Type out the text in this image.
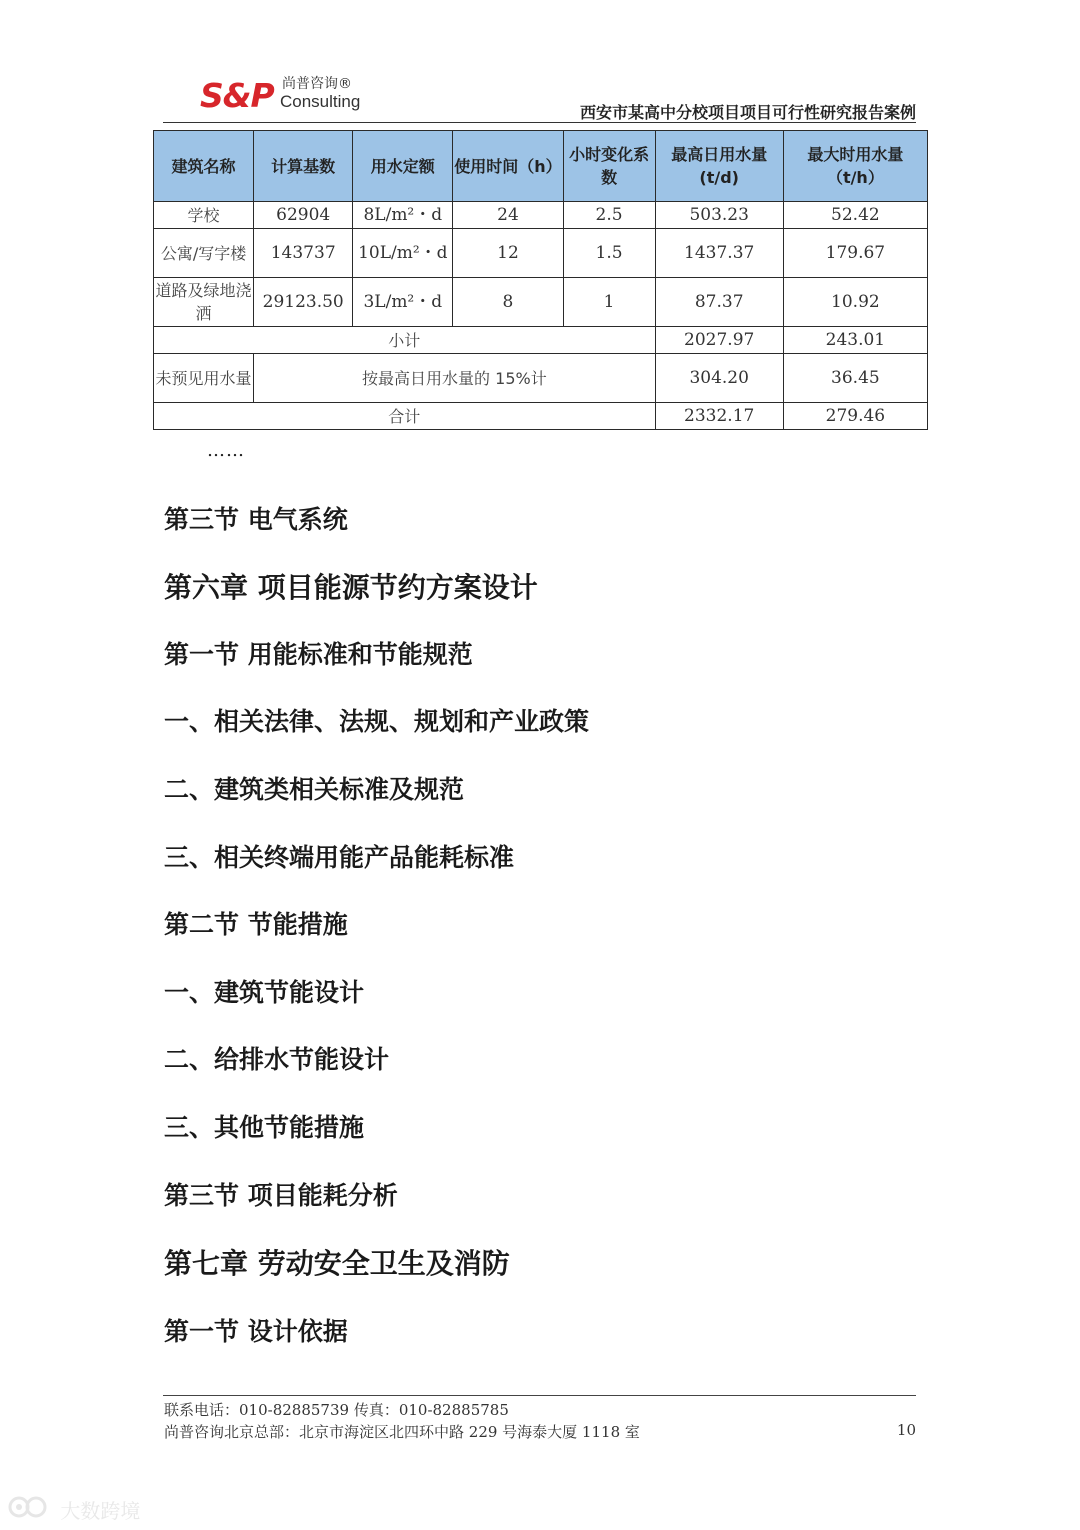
S&P 尚普咨询®
Consulting
西安市某高中分校项目项目可行性研究报告案例
建筑名称	计算基数	用水定额	使用时间（h）	小时变化系数	最高日用水量(t/d)	最大时用水量（t/h）
学校	62904	8L/m²・d	24	2.5	503.23	52.42
公寓/写字楼	143737	10L/m²・d	12	1.5	1437.37	179.67
道路及绿地浇洒	29123.50	3L/m²・d	8	1	87.37	10.92
小计					2027.97	243.01
未预见用水量	按最高日用水量的 15%计				304.20	36.45
合计					2332.17	279.46
……

第三节 电气系统

第六章 项目能源节约方案设计

第一节 用能标准和节能规范

一、相关法律、法规、规划和产业政策

二、建筑类相关标准及规范

三、相关终端用能产品能耗标准

第二节 节能措施

一、建筑节能设计

二、给排水节能设计

三、其他节能措施

第三节 项目能耗分析

第七章 劳动安全卫生及消防

第一节 设计依据

联系电话：010-82885739 传真：010-82885785
尚普咨询北京总部：北京市海淀区北四环中路 229 号海泰大厦 1118 室	10
大数跨境
